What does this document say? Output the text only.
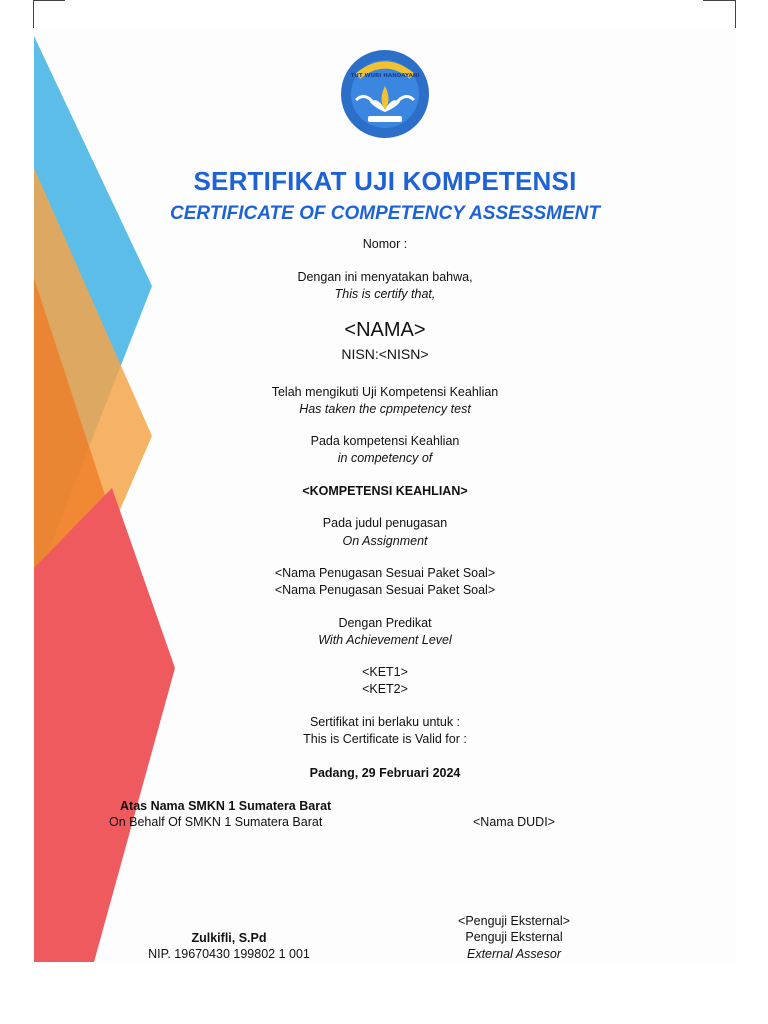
TUT WURI HANDAYANI
SERTIFIKAT UJI KOMPETENSI
CERTIFICATE OF COMPETENCY ASSESSMENT
Nomor :
Dengan ini menyatakan bahwa,
This is certify that,
<NAMA>
NISN:<NISN>
Telah mengikuti Uji Kompetensi Keahlian
Has taken the cpmpetency test
Pada kompetensi Keahlian
in competency of
<KOMPETENSI KEAHLIAN>
Pada judul penugasan
On Assignment
<Nama Penugasan Sesuai Paket Soal>
<Nama Penugasan Sesuai Paket Soal>
Dengan Predikat
With Achievement Level
<KET1>
<KET2>
Sertifikat ini berlaku untuk :
This is Certificate is Valid for :
Padang, 29 Februari 2024
Atas Nama SMKN 1 Sumatera Barat
On Behalf Of SMKN 1 Sumatera Barat
Zulkifli, S.Pd
NIP. 19670430 199802 1 001
<Nama DUDI>
<Penguji Eksternal>
Penguji Eksternal
External Assesor
